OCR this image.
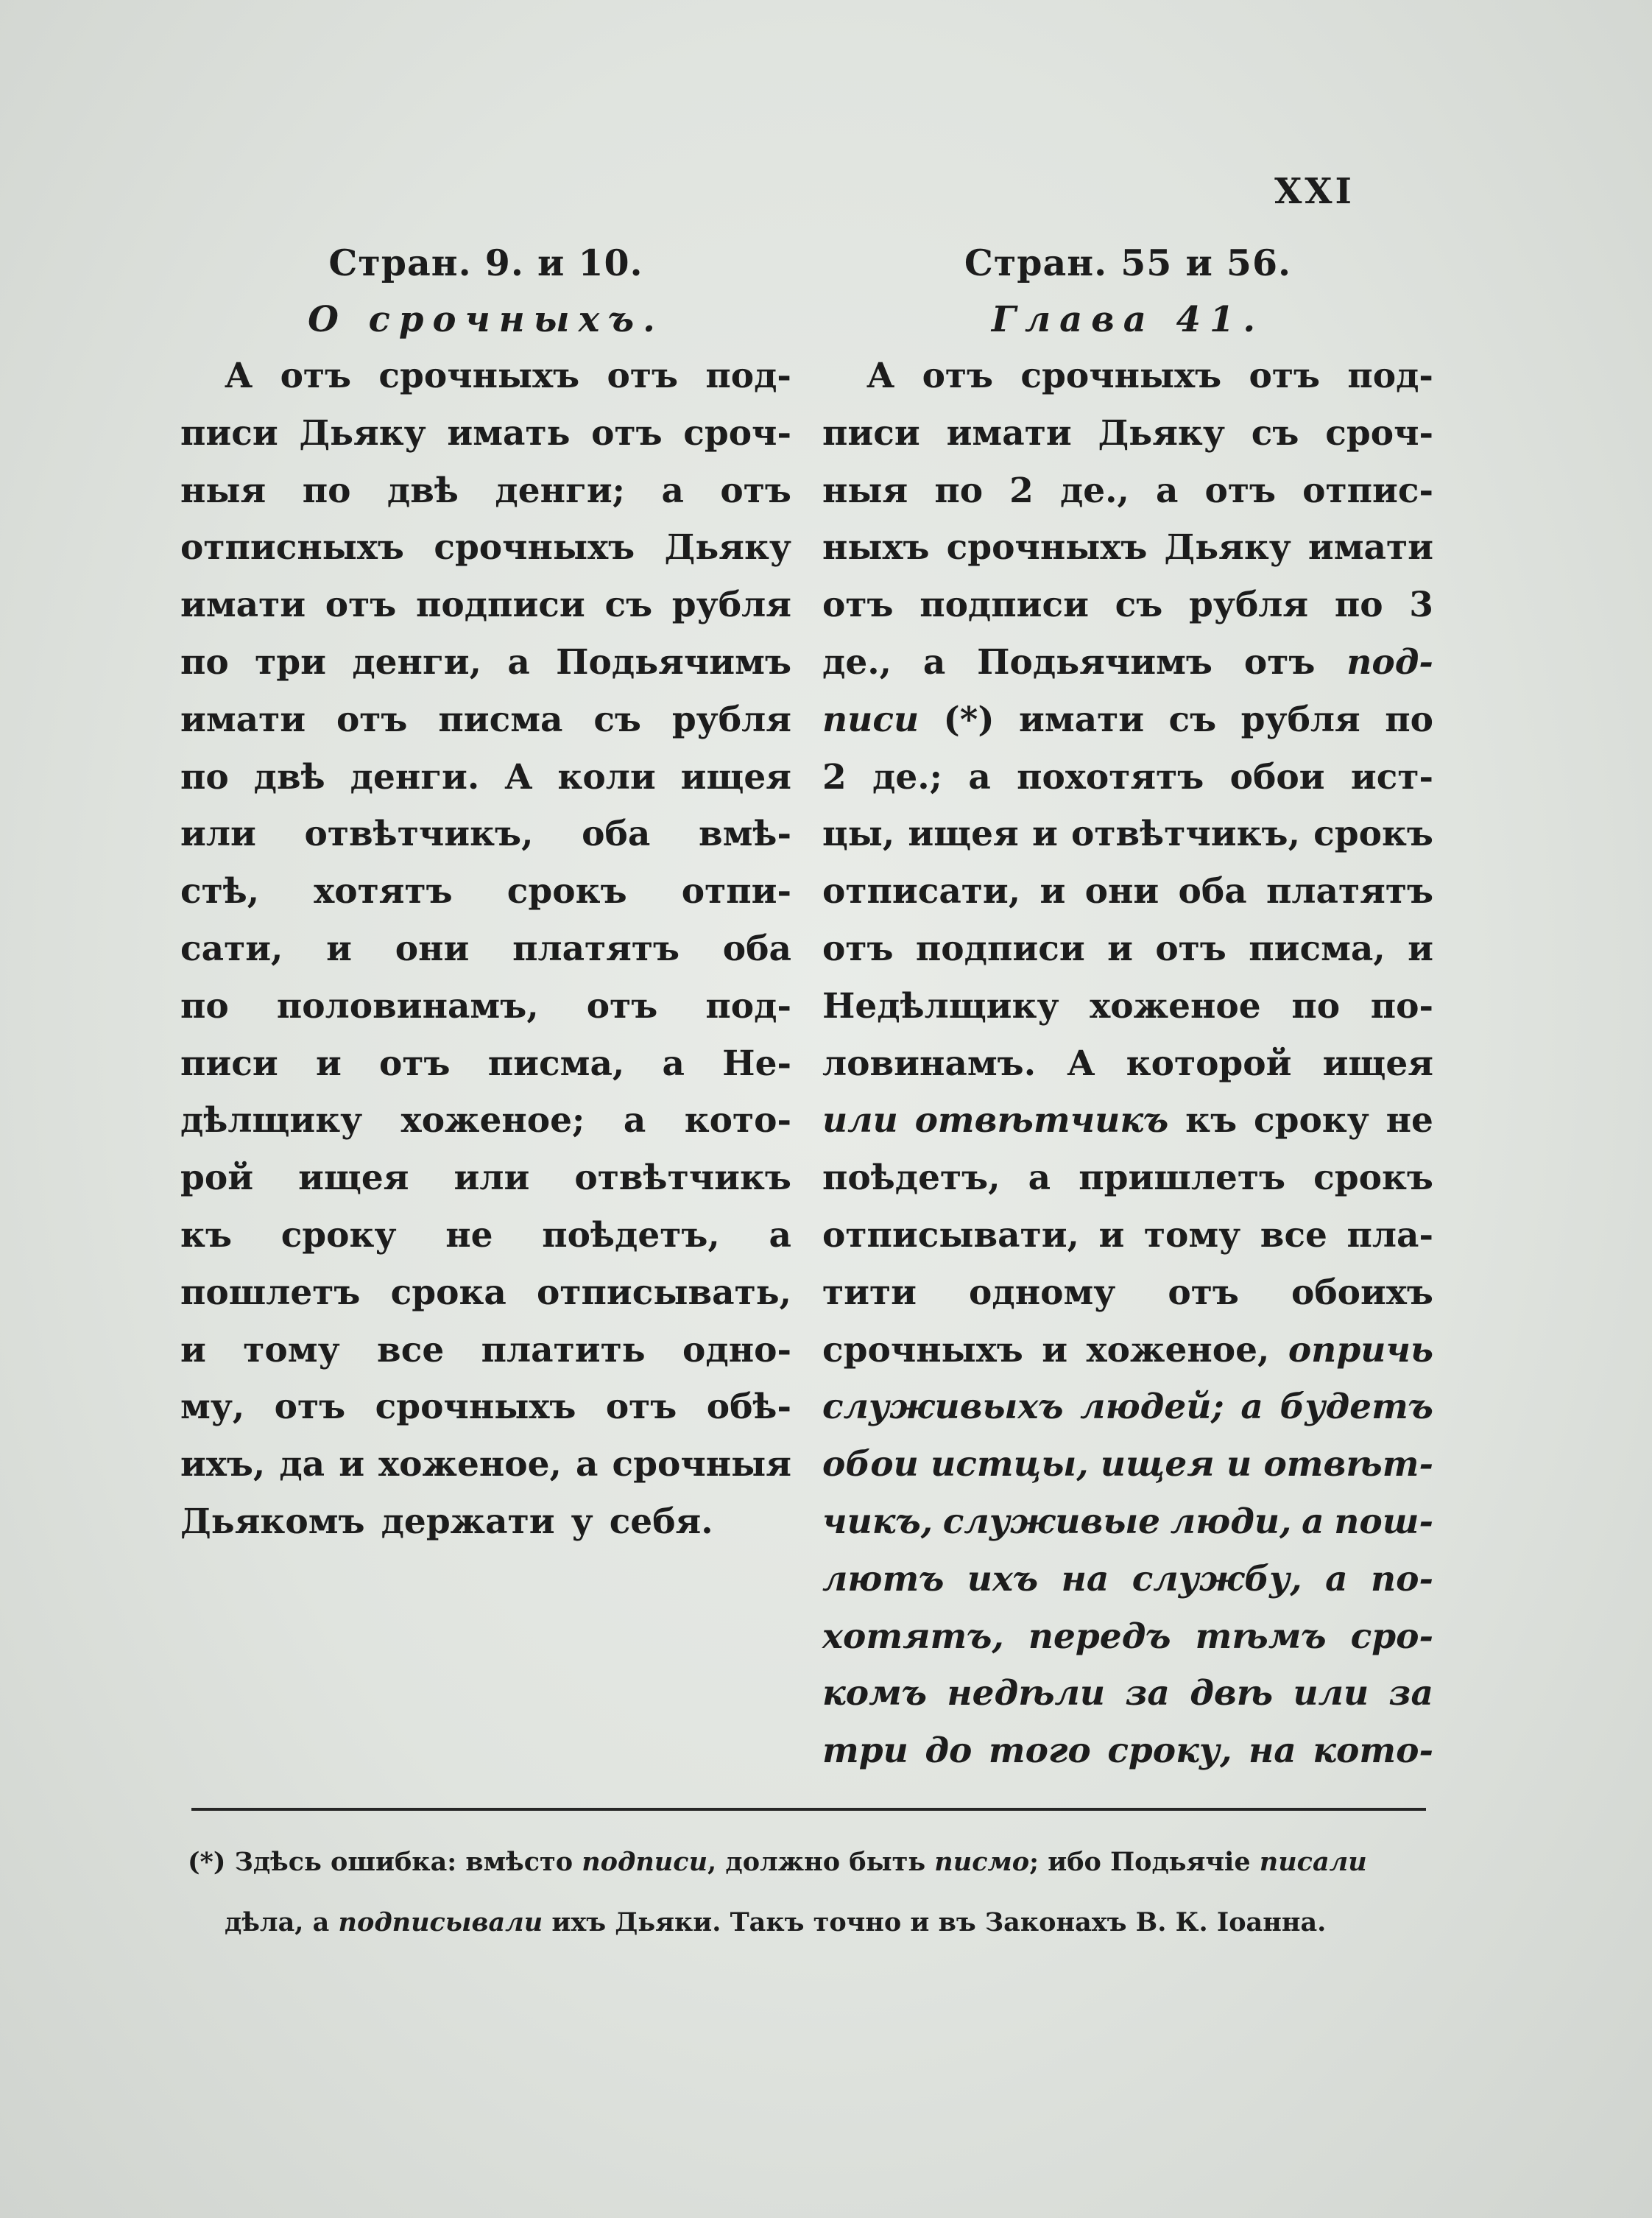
XXI
Стран. 9. и 10.
О срочныхъ.
А отъ срочныхъ отъ под-
писи Дьяку имать отъ сроч-
ныя по двѣ денги; а отъ
отписныхъ срочныхъ Дьяку
имати отъ подписи съ рубля
по три денги, а Подьячимъ
имати отъ писма съ рубля
по двѣ денги. А коли ищея
или отвѣтчикъ, оба вмѣ-
стѣ, хотятъ срокъ отпи-
сати, и они платятъ оба
по половинамъ, отъ под-
писи и отъ писма, а Не-
дѣлщику хоженое; а кото-
рой ищея или отвѣтчикъ
къ сроку не поѣдетъ, а
пошлетъ срока отписывать,
и тому все платить одно-
му, отъ срочныхъ отъ обѣ-
ихъ, да и хоженое, а срочныя
Дьякомъ держати у себя.
Стран. 55 и 56.
Глава 41.
А отъ срочныхъ отъ под-
писи имати Дьяку съ сроч-
ныя по 2 де., а отъ отпис-
ныхъ срочныхъ Дьяку имати
отъ подписи съ рубля по 3
де., а Подьячимъ отъ под-
писи (*) имати съ рубля по
2 де.; а похотятъ обои ист-
цы, ищея и отвѣтчикъ, срокъ
отписати, и они оба платятъ
отъ подписи и отъ писма, и
Недѣлщику хоженое по по-
ловинамъ. А которой ищея
или отвѣтчикъ къ сроку не
поѣдетъ, а пришлетъ срокъ
отписывати, и тому все пла-
тити одному отъ обоихъ
срочныхъ и хоженое, опричь
служивыхъ людей; а будетъ
обои истцы, ищея и отвѣт-
чикъ, служивые люди, а пош-
лютъ ихъ на службу, а по-
хотятъ, передъ тѣмъ сро-
комъ недѣли за двѣ или за
три до того сроку, на кото-
(*) Здѣсь ошибка: вмѣсто подписи, должно быть писмо; ибо Подьячіе писали
дѣла, а подписывали ихъ Дьяки. Такъ точно и въ Законахъ В. К. Іоанна.
